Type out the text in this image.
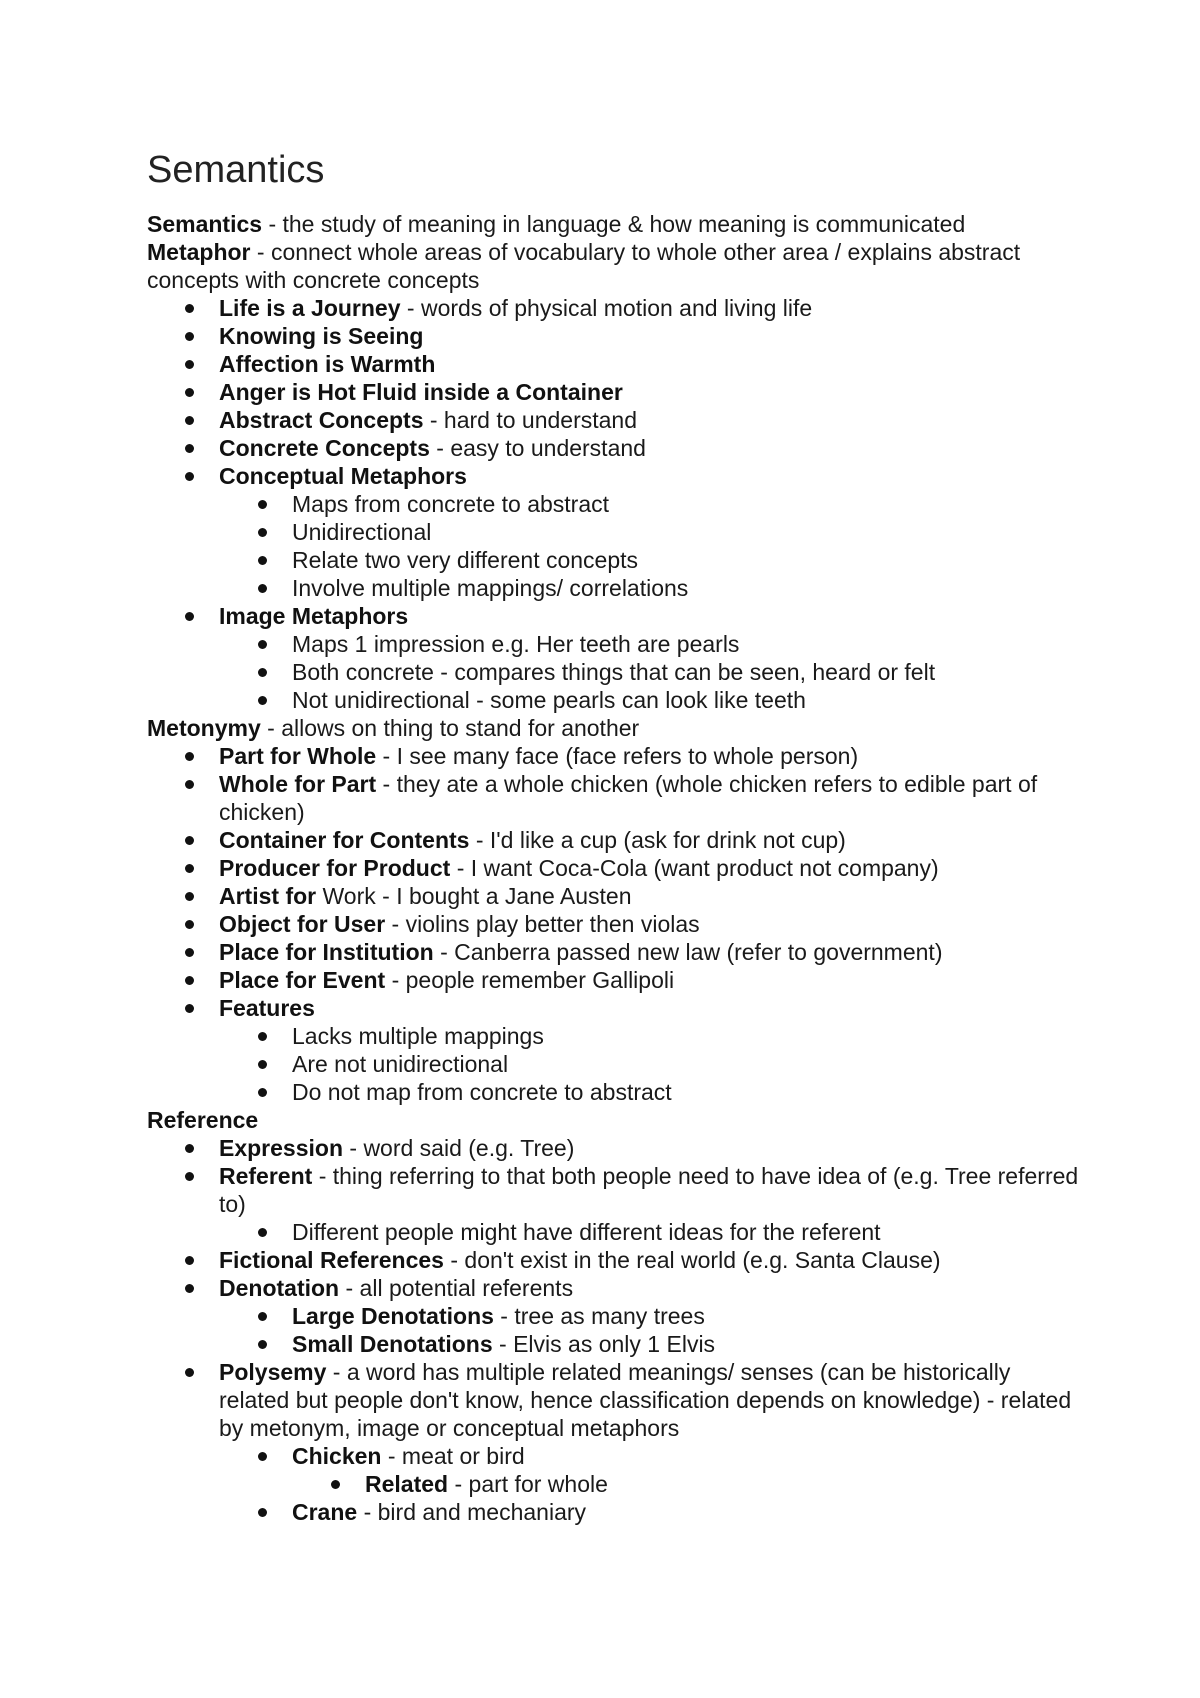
Semantics
Semantics - the study of meaning in language & how meaning is communicated
Metaphor - connect whole areas of vocabulary to whole other area / explains abstract concepts with concrete concepts
Life is a Journey - words of physical motion and living life
Knowing is Seeing
Affection is Warmth
Anger is Hot Fluid inside a Container
Abstract Concepts - hard to understand
Concrete Concepts - easy to understand
Conceptual Metaphors
Maps from concrete to abstract
Unidirectional
Relate two very different concepts
Involve multiple mappings/ correlations
Image Metaphors
Maps 1 impression e.g. Her teeth are pearls
Both concrete - compares things that can be seen, heard or felt
Not unidirectional - some pearls can look like teeth
Metonymy - allows on thing to stand for another
Part for Whole - I see many face (face refers to whole person)
Whole for Part - they ate a whole chicken (whole chicken refers to edible part of chicken)
Container for Contents - I'd like a cup (ask for drink not cup)
Producer for Product - I want Coca-Cola (want product not company)
Artist for Work - I bought a Jane Austen
Object for User - violins play better then violas
Place for Institution - Canberra passed new law (refer to government)
Place for Event - people remember Gallipoli
Features
Lacks multiple mappings
Are not unidirectional
Do not map from concrete to abstract
Reference
Expression - word said (e.g. Tree)
Referent - thing referring to that both people need to have idea of (e.g. Tree referred to)
Different people might have different ideas for the referent
Fictional References - don't exist in the real world (e.g. Santa Clause)
Denotation - all potential referents
Large Denotations - tree as many trees
Small Denotations - Elvis as only 1 Elvis
Polysemy - a word has multiple related meanings/ senses (can be historically related but people don't know, hence classification depends on knowledge) - related by metonym, image or conceptual metaphors
Chicken - meat or bird
Related - part for whole
Crane - bird and mechaniary
